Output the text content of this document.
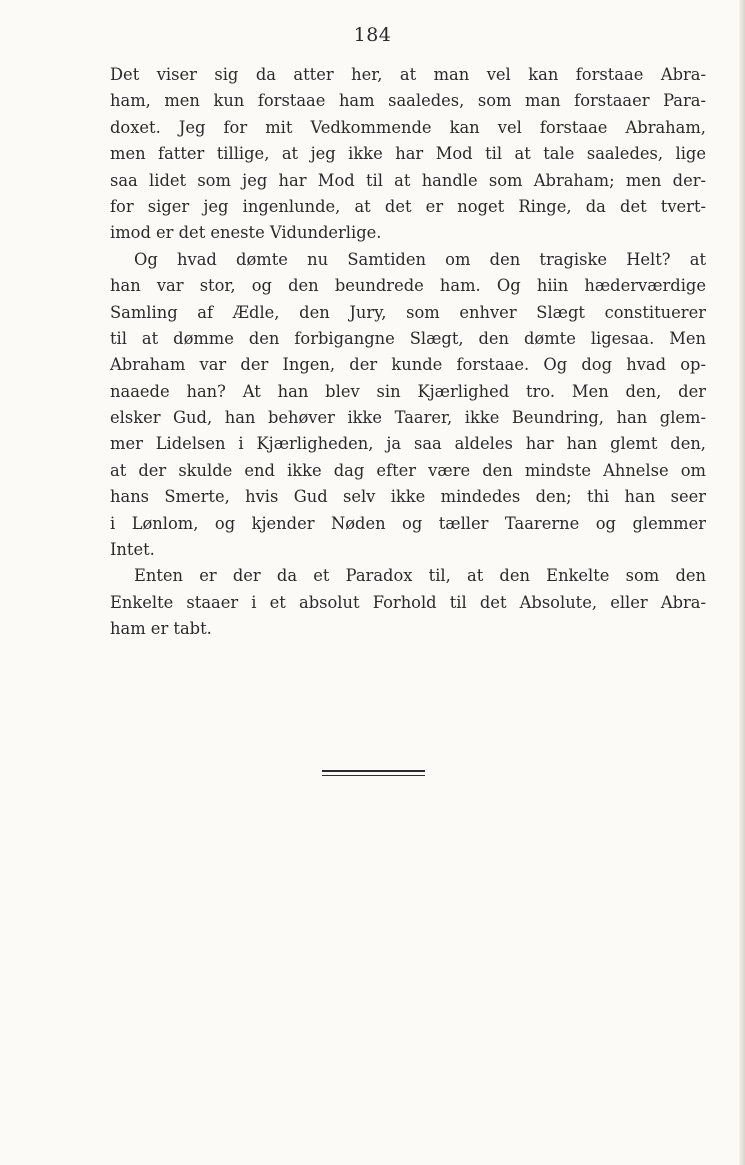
184
Det viser sig da atter her, at man vel kan forstaae Abra-
ham, men kun forstaae ham saaledes, som man forstaaer Para-
doxet. Jeg for mit Vedkommende kan vel forstaae Abraham,
men fatter tillige, at jeg ikke har Mod til at tale saaledes, lige
saa lidet som jeg har Mod til at handle som Abraham; men der-
for siger jeg ingenlunde, at det er noget Ringe, da det tvert-
imod er det eneste Vidunderlige.
Og hvad dømte nu Samtiden om den tragiske Helt? at
han var stor, og den beundrede ham. Og hiin hæderværdige
Samling af Ædle, den Jury, som enhver Slægt constituerer
til at dømme den forbigangne Slægt, den dømte ligesaa. Men
Abraham var der Ingen, der kunde forstaae. Og dog hvad op-
naaede han? At han blev sin Kjærlighed tro. Men den, der
elsker Gud, han behøver ikke Taarer, ikke Beundring, han glem-
mer Lidelsen i Kjærligheden, ja saa aldeles har han glemt den,
at der skulde end ikke dag efter være den mindste Ahnelse om
hans Smerte, hvis Gud selv ikke mindedes den; thi han seer
i Lønlom, og kjender Nøden og tæller Taarerne og glemmer
Intet.
Enten er der da et Paradox til, at den Enkelte som den
Enkelte staaer i et absolut Forhold til det Absolute, eller Abra-
ham er tabt.
